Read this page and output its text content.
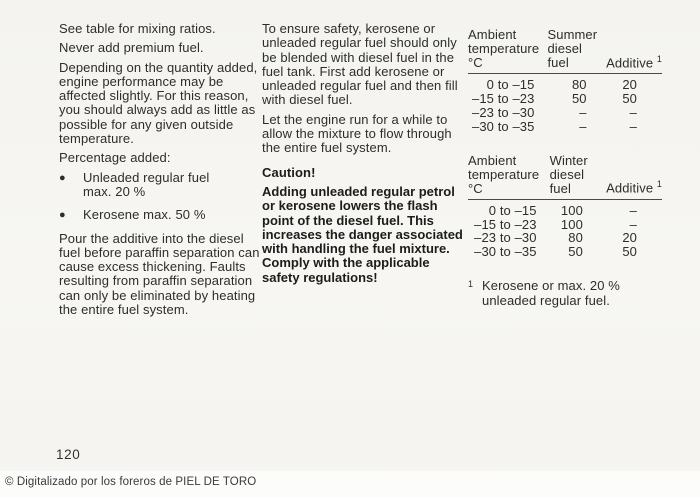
See table for mixing ratios.

Never add premium fuel.

Depending on the quantity added,
engine performance may be
affected slightly. For this reason,
you should always add as little as
possible for any given outside
temperature.

Percentage added:

●	Unleaded regular fuel
max. 20 %
●	Kerosene max. 50 %

Pour the additive into the diesel
fuel before paraffin separation can
cause excess thickening. Faults
resulting from paraffin separation
can only be eliminated by heating
the entire fuel system.

To ensure safety, kerosene or
unleaded regular fuel should only
be blended with diesel fuel in the
fuel tank. First add kerosene or
unleaded regular fuel and then fill
with diesel fuel.

Let the engine run for a while to
allow the mixture to flow through
the entire fuel system.

Caution!

Adding unleaded regular petrol
or kerosene lowers the flash
point of the diesel fuel. This
increases the danger associated
with handling the fuel mixture.
Comply with the applicable
safety regulations!

Ambient
temperature
°C	Summer
diesel
fuel	Additive $^1$
0 to –15	80	20
–15 to –23	50	50
–23 to –30	–	–
–30 to –35	–	–
Ambient
temperature
°C	Winter
diesel
fuel	Additive $^1$
0 to –15	100	–
–15 to –23	100	–
–23 to –30	80	20
–30 to –35	50	50
1 Kerosene or max. 20 %
unleaded regular fuel.
120
© Digitalizado por los foreros de PIEL DE TORO
